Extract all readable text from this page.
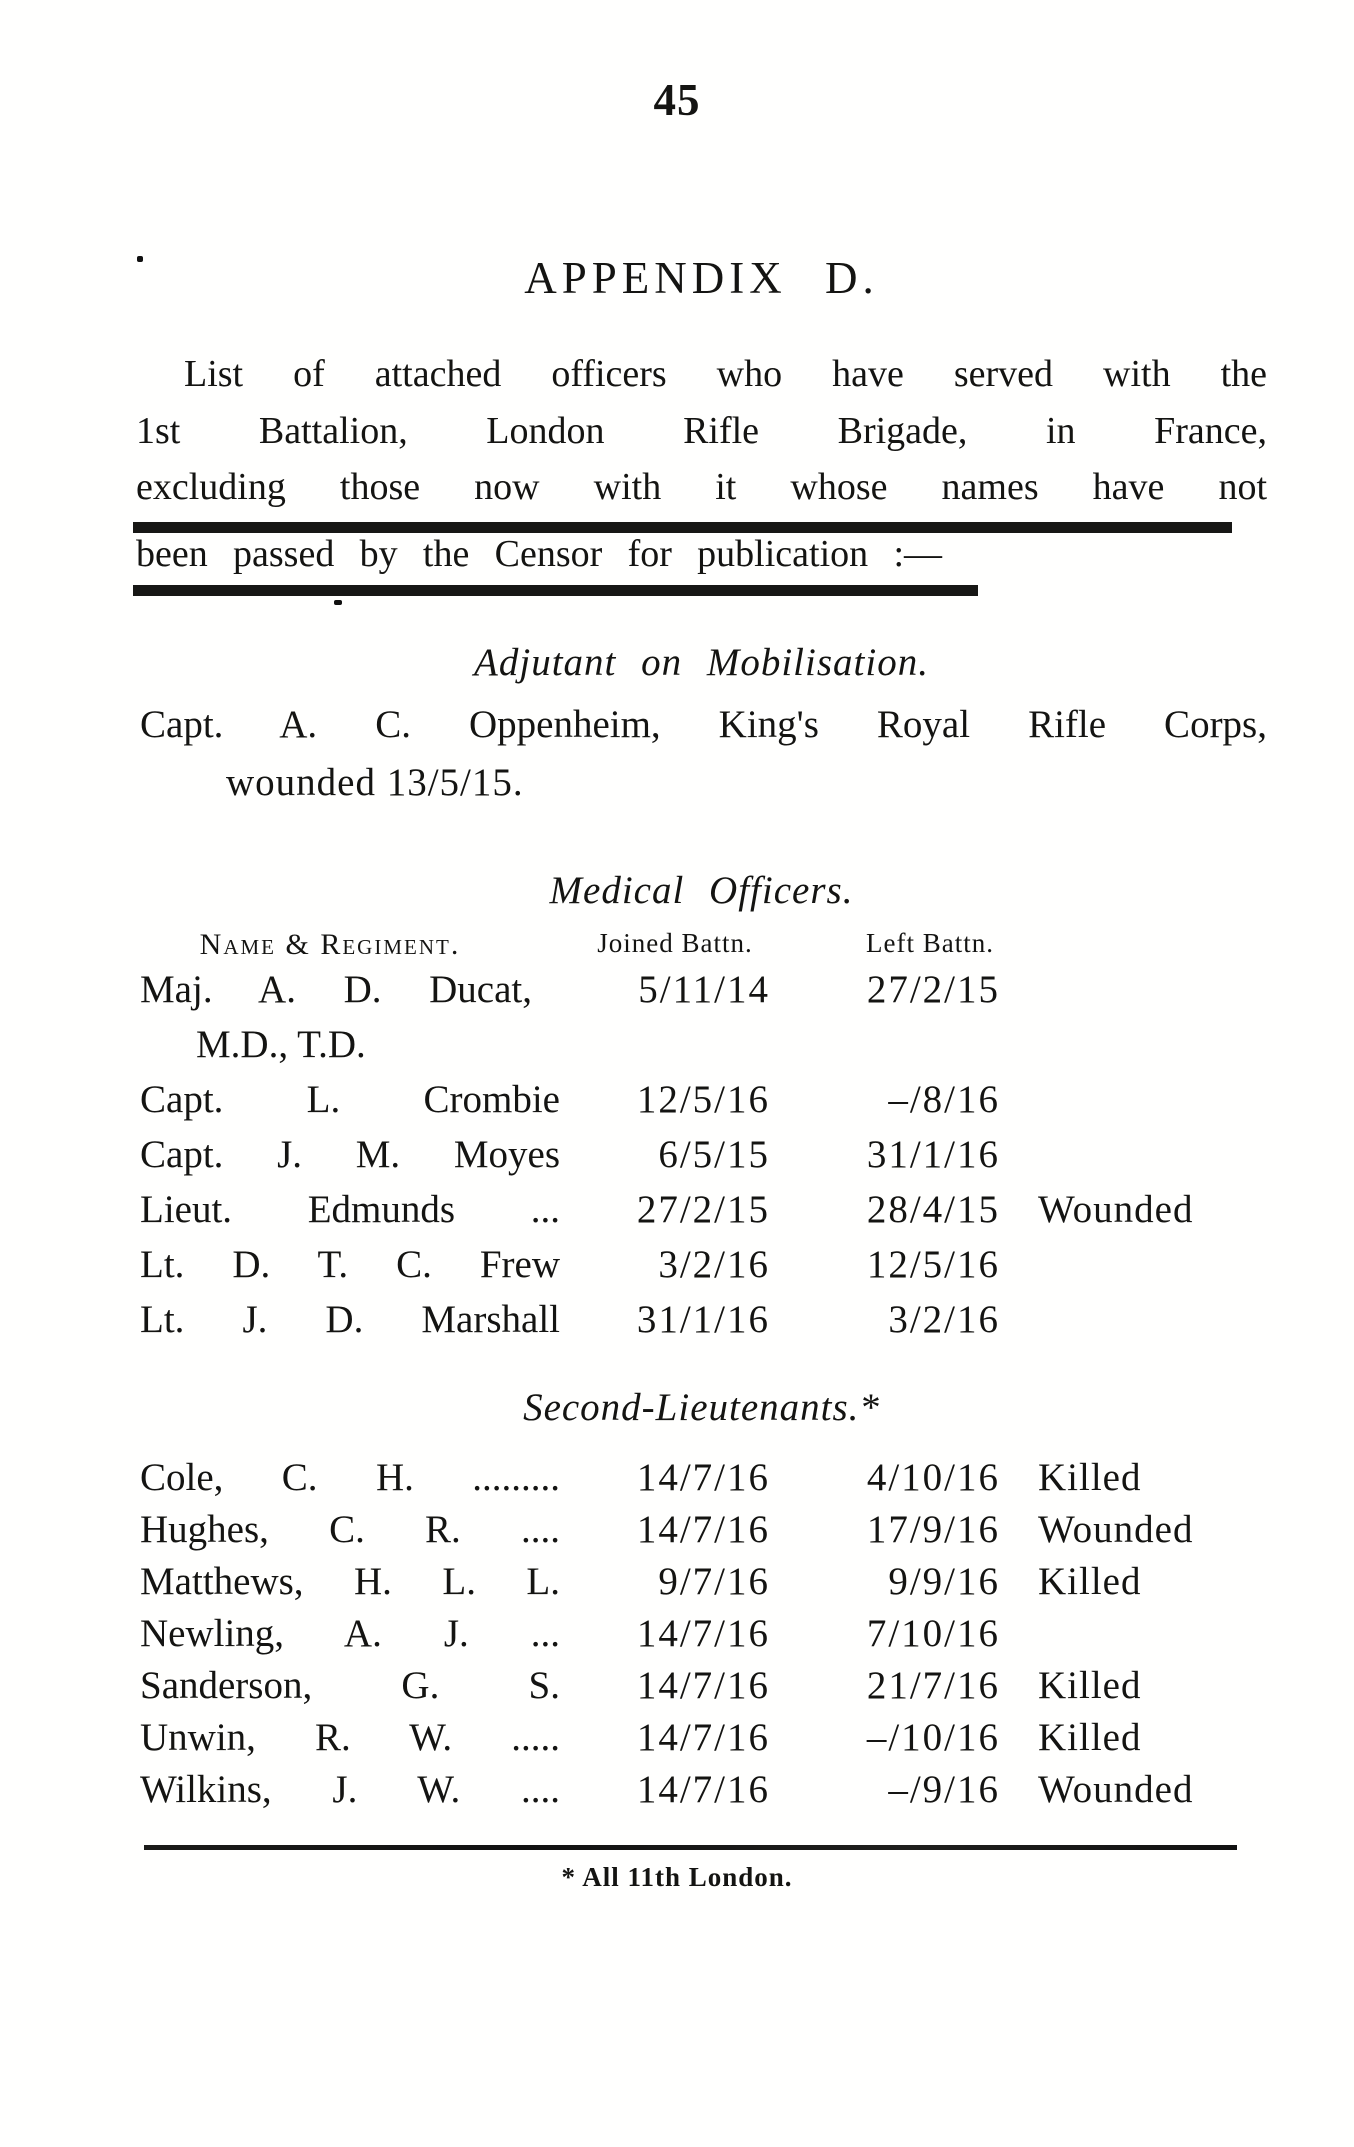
45
APPENDIX D.
List of attached officers who have served with the
1st Battalion, London Rifle Brigade, in France,
excluding those now with it whose names have not
been passed by the Censor for publication :—
Adjutant on Mobilisation.
Capt. A. C. Oppenheim, King's Royal Rifle Corps,
wounded 13/5/15.
Medical Officers.
Name & Regiment.	Joined Battn.	Left Battn.
Maj. A. D. Ducat,
M.D., T.D.
5/11/14	27/2/15
Capt. L. Crombie	12/5/16	–/8/16
Capt. J. M. Moyes	6/5/15	31/1/16
Lieut. Edmunds ...	27/2/15	28/4/15 Wounded
Lt. D. T. C. Frew	3/2/16	12/5/16
Lt. J. D. Marshall	31/1/16	3/2/16
Second-Lieutenants.*
Cole, C. H. .........	14/7/16	4/10/16 Killed
Hughes, C. R. ....	14/7/16	17/9/16 Wounded
Matthews, H. L. L.	9/7/16	9/9/16 Killed
Newling, A. J. ...	14/7/16	7/10/16
Sanderson, G. S.	14/7/16	21/7/16 Killed
Unwin, R. W. .....	14/7/16	–/10/16 Killed
Wilkins, J. W. ....	14/7/16	–/9/16 Wounded
* All 11th London.
